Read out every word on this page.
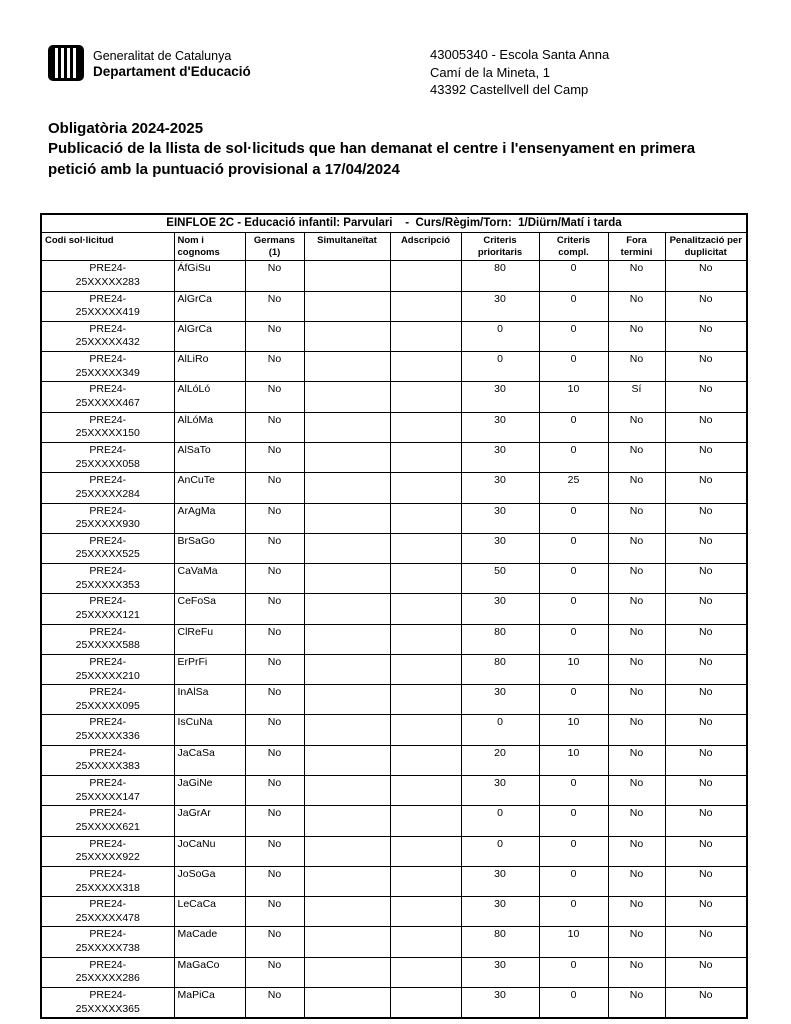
Generalitat de Catalunya
Departament d'Educació
43005340 - Escola Santa Anna
Camí de la Mineta, 1
43392 Castellvell del Camp
Obligatòria 2024-2025
Publicació de la llista de sol·licituds que han demanat el centre i l'ensenyament en primera petició amb la puntuació provisional a 17/04/2024
EINFLOE 2C - Educació infantil: Parvulari    -  Curs/Règim/Torn:  1/Diürn/Matí i tarda								
Codi sol·licitud	Nom i cognoms	Germans (1)	Simultaneïtat	Adscripció	Criteris prioritaris	Criteris compl.	Fora termini	Penalització per duplicitat

PRE24-
25XXXXX283	ÁfGiSu	No			80	0	No	No

PRE24-
25XXXXX419	AlGrCa	No			30	0	No	No

PRE24-
25XXXXX432	AlGrCa	No			0	0	No	No

PRE24-
25XXXXX349	AlLiRo	No			0	0	No	No

PRE24-
25XXXXX467	AlLóLó	No			30	10	Sí	No

PRE24-
25XXXXX150	AlLóMa	No			30	0	No	No

PRE24-
25XXXXX058	AlSaTo	No			30	0	No	No

PRE24-
25XXXXX284	AnCuTe	No			30	25	No	No

PRE24-
25XXXXX930	ArAgMa	No			30	0	No	No

PRE24-
25XXXXX525	BrSaGo	No			30	0	No	No

PRE24-
25XXXXX353	CaVaMa	No			50	0	No	No

PRE24-
25XXXXX121	CeFoSa	No			30	0	No	No

PRE24-
25XXXXX588	ClReFu	No			80	0	No	No

PRE24-
25XXXXX210	ErPrFi	No			80	10	No	No

PRE24-
25XXXXX095	InAlSa	No			30	0	No	No

PRE24-
25XXXXX336	IsCuNa	No			0	10	No	No

PRE24-
25XXXXX383	JaCaSa	No			20	10	No	No

PRE24-
25XXXXX147	JaGiNe	No			30	0	No	No

PRE24-
25XXXXX621	JaGrAr	No			0	0	No	No

PRE24-
25XXXXX922	JoCaNu	No			0	0	No	No

PRE24-
25XXXXX318	JoSoGa	No			30	0	No	No

PRE24-
25XXXXX478	LeCaCa	No			30	0	No	No

PRE24-
25XXXXX738	MaCade	No			80	10	No	No

PRE24-
25XXXXX286	MaGaCo	No			30	0	No	No

PRE24-
25XXXXX365	MaPiCa	No			30	0	No	No
